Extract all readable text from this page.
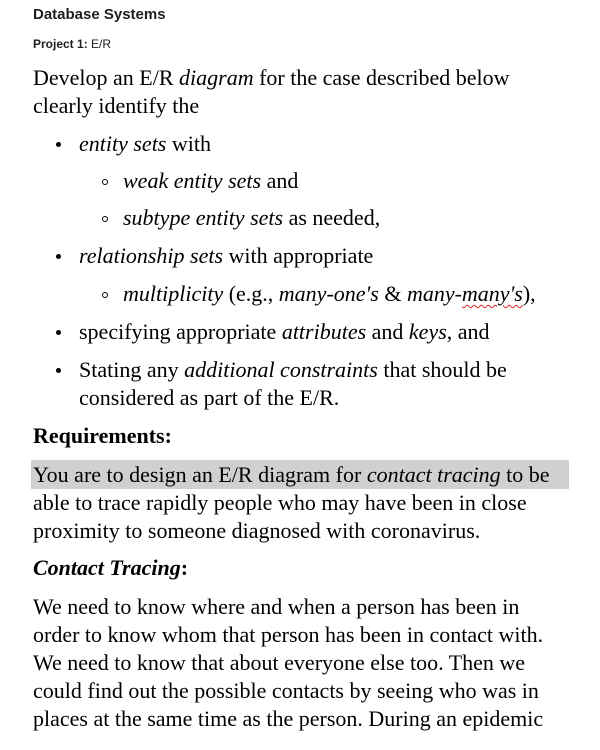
Database Systems
Project 1: E/R
Develop an E/R diagram for the case described below
clearly identify the
entity sets with
weak entity sets and
subtype entity sets as needed,
relationship sets with appropriate
multiplicity (e.g., many-one's & many-many's),
specifying appropriate attributes and keys, and
Stating any additional constraints that should be
considered as part of the E/R.
Requirements:
You are to design an E/R diagram for contact tracing to be
able to trace rapidly people who may have been in close
proximity to someone diagnosed with coronavirus.
Contact Tracing:
We need to know where and when a person has been in
order to know whom that person has been in contact with.
We need to know that about everyone else too. Then we
could find out the possible contacts by seeing who was in
places at the same time as the person. During an epidemic
